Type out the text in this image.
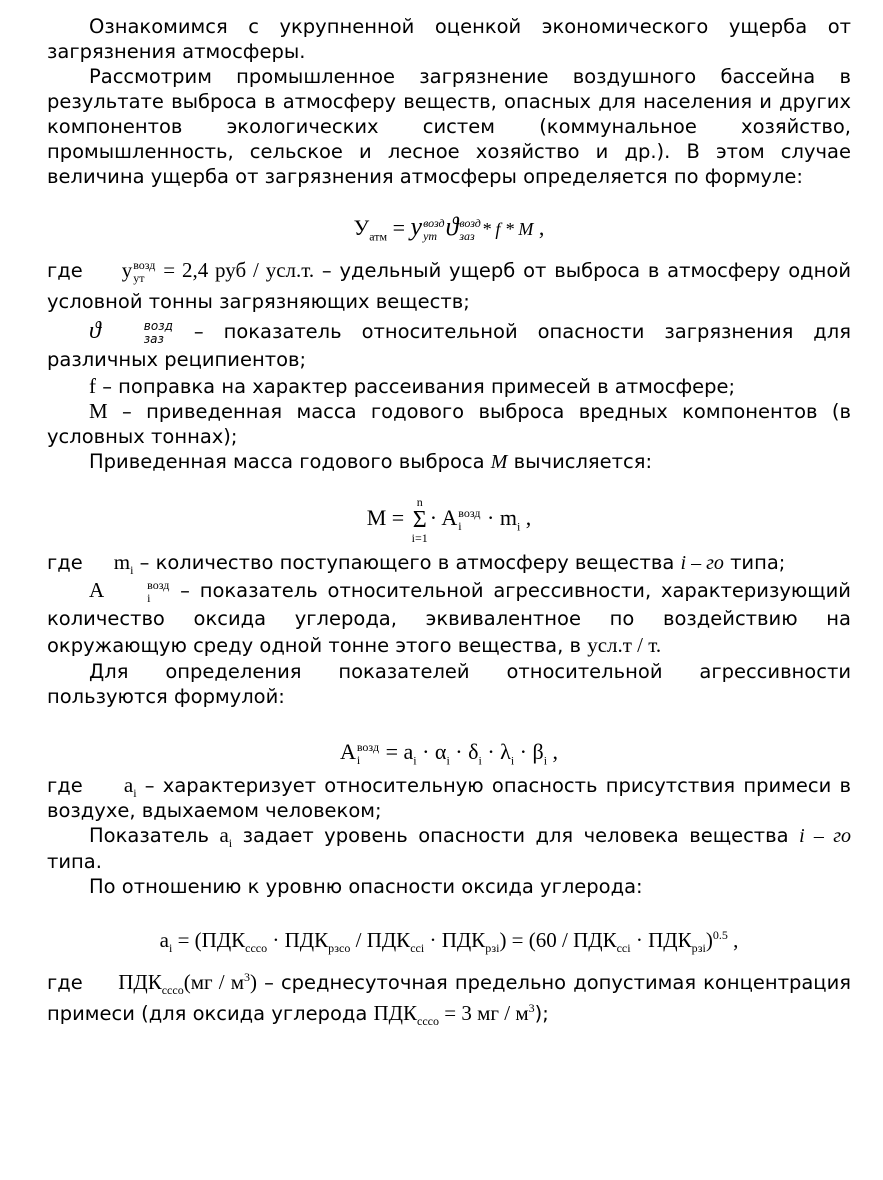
Ознакомимся с укрупненной оценкой экономического ущерба от загрязнения атмосферы.

Рассмотрим промышленное загрязнение воздушного бассейна в результате выброса в атмосферу веществ, опасных для населения и других компонентов экологических систем (коммунальное хозяйство, промышленность, сельское и лесное хозяйство и др.). В этом случае величина ущерба от загрязнения атмосферы определяется по формуле:

$У_{атм} = y$ возд
ут ϑ возд
заз * f * M ,

где y возд
ут = 2,4 руб / усл.т. – удельный ущерб от выброса в атмосферу одной условной тонны загрязняющих веществ;

ϑ	возд
заз – показатель относительной опасности загрязнения для различных реципиентов;

f – поправка на характер рассеивания примесей в атмосфере;

M – приведенная масса годового выброса вредных компонентов (в условных тоннах);

Приведенная масса годового выброса M вычисляется:

M =
n
Σ
i=1
· A возд
$i \cdot m_i$ ,

где $m_i$ – количество поступающего в атмосферу вещества i – го типа;

A	возд
i	– показатель относительной агрессивности, характеризующий количество оксида углерода, эквивалентное по воздействию на окружающую среду одной тонне этого вещества, в усл.т / т.

Для определения показателей относительной агрессивности пользуются формулой:

A возд
$i = a_i \cdot \alpha_i \cdot \delta_i \cdot \lambda_i \cdot \beta_i$ ,

где $a_i$ – характеризует относительную опасность присутствия примеси в воздухе, вдыхаемом человеком;

Показатель $a_i$ задает уровень опасности для человека вещества i – го типа.

По отношению к уровню опасности оксида углерода:

$a_i = (ПДК_{ссco} \cdot ПДК_{рзco} / ПДК_{ссi} \cdot ПДК_{рзi}) = (60 / ПДК_{ссi} \cdot ПДК_{рзi})^{0.5}$ ,

где $ПДК_{ссco}(мг / м^3)$ – среднесуточная предельно допустимая концентрация примеси (для оксида углерода $ПДК_{ссco} = 3$ мг / $м^3$);
